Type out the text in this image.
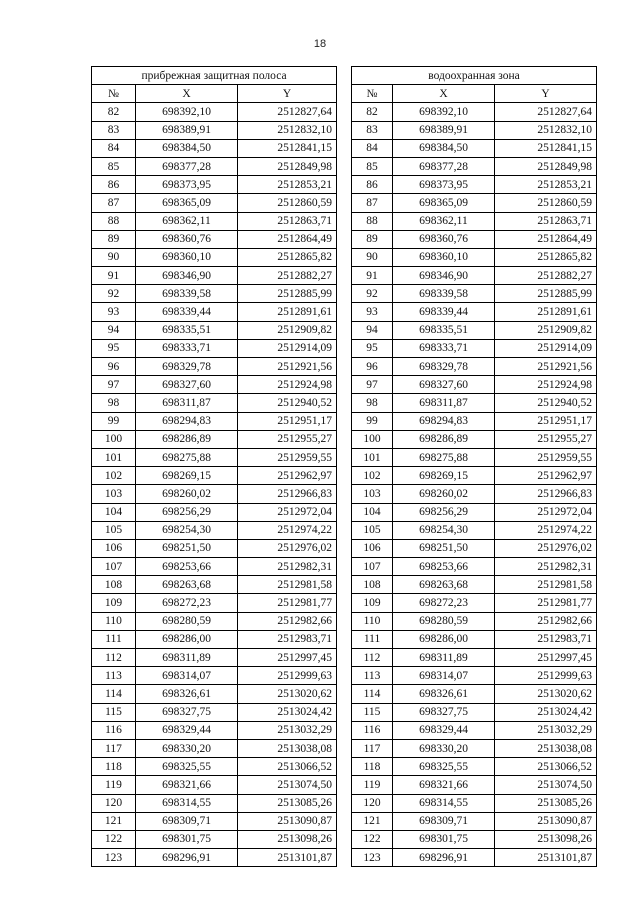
18
прибрежная защитная полоса				водоохранная зона		
№	X	Y		№	X	Y
82	698392,10	2512827,64		82	698392,10	2512827,64
83	698389,91	2512832,10		83	698389,91	2512832,10
84	698384,50	2512841,15		84	698384,50	2512841,15
85	698377,28	2512849,98		85	698377,28	2512849,98
86	698373,95	2512853,21		86	698373,95	2512853,21
87	698365,09	2512860,59		87	698365,09	2512860,59
88	698362,11	2512863,71		88	698362,11	2512863,71
89	698360,76	2512864,49		89	698360,76	2512864,49
90	698360,10	2512865,82		90	698360,10	2512865,82
91	698346,90	2512882,27		91	698346,90	2512882,27
92	698339,58	2512885,99		92	698339,58	2512885,99
93	698339,44	2512891,61		93	698339,44	2512891,61
94	698335,51	2512909,82		94	698335,51	2512909,82
95	698333,71	2512914,09		95	698333,71	2512914,09
96	698329,78	2512921,56		96	698329,78	2512921,56
97	698327,60	2512924,98		97	698327,60	2512924,98
98	698311,87	2512940,52		98	698311,87	2512940,52
99	698294,83	2512951,17		99	698294,83	2512951,17
100	698286,89	2512955,27		100	698286,89	2512955,27
101	698275,88	2512959,55		101	698275,88	2512959,55
102	698269,15	2512962,97		102	698269,15	2512962,97
103	698260,02	2512966,83		103	698260,02	2512966,83
104	698256,29	2512972,04		104	698256,29	2512972,04
105	698254,30	2512974,22		105	698254,30	2512974,22
106	698251,50	2512976,02		106	698251,50	2512976,02
107	698253,66	2512982,31		107	698253,66	2512982,31
108	698263,68	2512981,58		108	698263,68	2512981,58
109	698272,23	2512981,77		109	698272,23	2512981,77
110	698280,59	2512982,66		110	698280,59	2512982,66
111	698286,00	2512983,71		111	698286,00	2512983,71
112	698311,89	2512997,45		112	698311,89	2512997,45
113	698314,07	2512999,63		113	698314,07	2512999,63
114	698326,61	2513020,62		114	698326,61	2513020,62
115	698327,75	2513024,42		115	698327,75	2513024,42
116	698329,44	2513032,29		116	698329,44	2513032,29
117	698330,20	2513038,08		117	698330,20	2513038,08
118	698325,55	2513066,52		118	698325,55	2513066,52
119	698321,66	2513074,50		119	698321,66	2513074,50
120	698314,55	2513085,26		120	698314,55	2513085,26
121	698309,71	2513090,87		121	698309,71	2513090,87
122	698301,75	2513098,26		122	698301,75	2513098,26
123	698296,91	2513101,87		123	698296,91	2513101,87
